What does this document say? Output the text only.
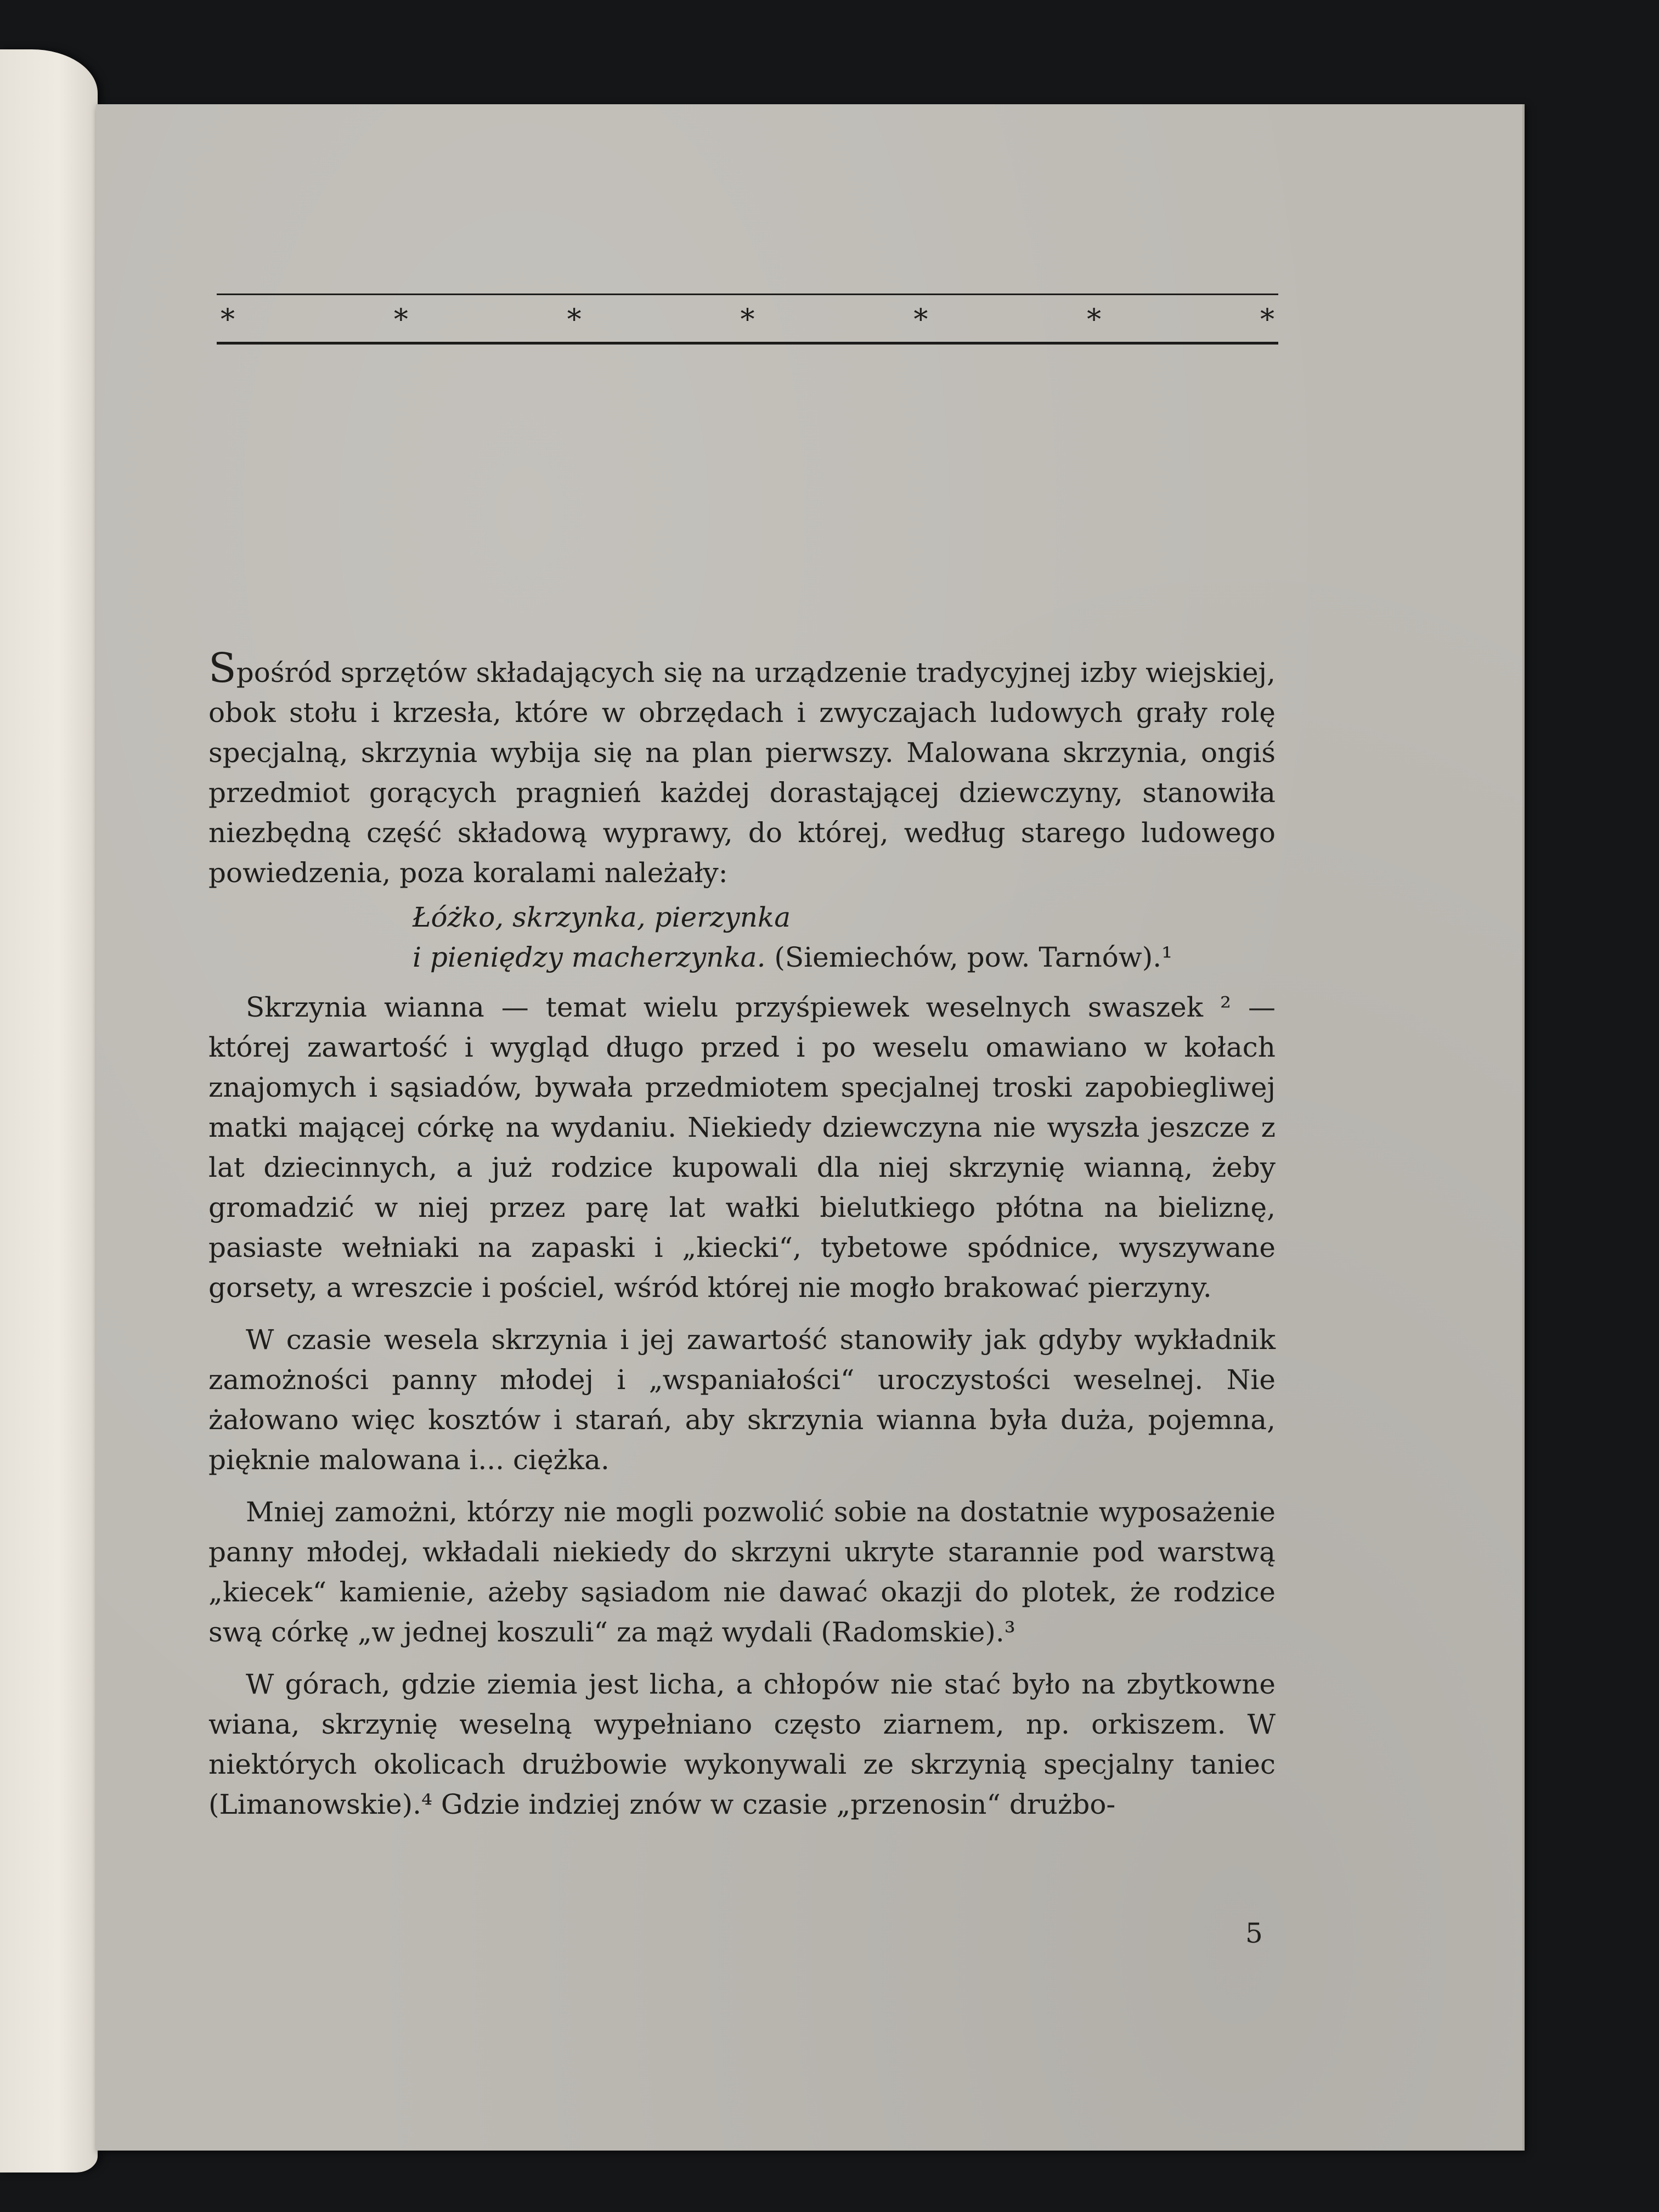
*	*	*	*	*	*	*

Spośród sprzętów składających się na urządzenie tradycyjnej izby wiejskiej, obok stołu i krzesła, które w obrzędach i zwyczajach ludowych grały rolę specjalną, skrzynia wybija się na plan pierwszy. Malowana skrzynia, ongiś przedmiot gorących pragnień każdej dorastającej dziewczyny, stanowiła niezbędną część składową wyprawy, do której, według starego ludowego powiedzenia, poza koralami należały:

Łóżko, skrzynka, pierzynka
i pieniędzy macherzynka. (Siemiechów, pow. Tarnów).¹

Skrzynia wianna — temat wielu przyśpiewek weselnych swaszek ² — której zawartość i wygląd długo przed i po weselu omawiano w kołach znajomych i sąsiadów, bywała przedmiotem specjalnej troski zapobiegliwej matki mającej córkę na wydaniu. Niekiedy dziewczyna nie wyszła jeszcze z lat dziecinnych, a już rodzice kupowali dla niej skrzynię wianną, żeby gromadzić w niej przez parę lat wałki bielutkiego płótna na bieliznę, pasiaste wełniaki na zapaski i „kiecki“, tybetowe spódnice, wyszywane gorsety, a wreszcie i pościel, wśród której nie mogło brakować pierzyny.

W czasie wesela skrzynia i jej zawartość stanowiły jak gdyby wykładnik zamożności panny młodej i „wspaniałości“ uroczystości weselnej. Nie żałowano więc kosztów i starań, aby skrzynia wianna była duża, pojemna, pięknie malowana i... ciężka.

Mniej zamożni, którzy nie mogli pozwolić sobie na dostatnie wyposażenie panny młodej, wkładali niekiedy do skrzyni ukryte starannie pod warstwą „kiecek“ kamienie, ażeby sąsiadom nie dawać okazji do plotek, że rodzice swą córkę „w jednej koszuli“ za mąż wydali (Radomskie).³

W górach, gdzie ziemia jest licha, a chłopów nie stać było na zbytkowne wiana, skrzynię weselną wypełniano często ziarnem, np. orkiszem. W niektórych okolicach drużbowie wykonywali ze skrzynią specjalny taniec (Limanowskie).⁴ Gdzie indziej znów w czasie „przenosin“ drużbo-

5
